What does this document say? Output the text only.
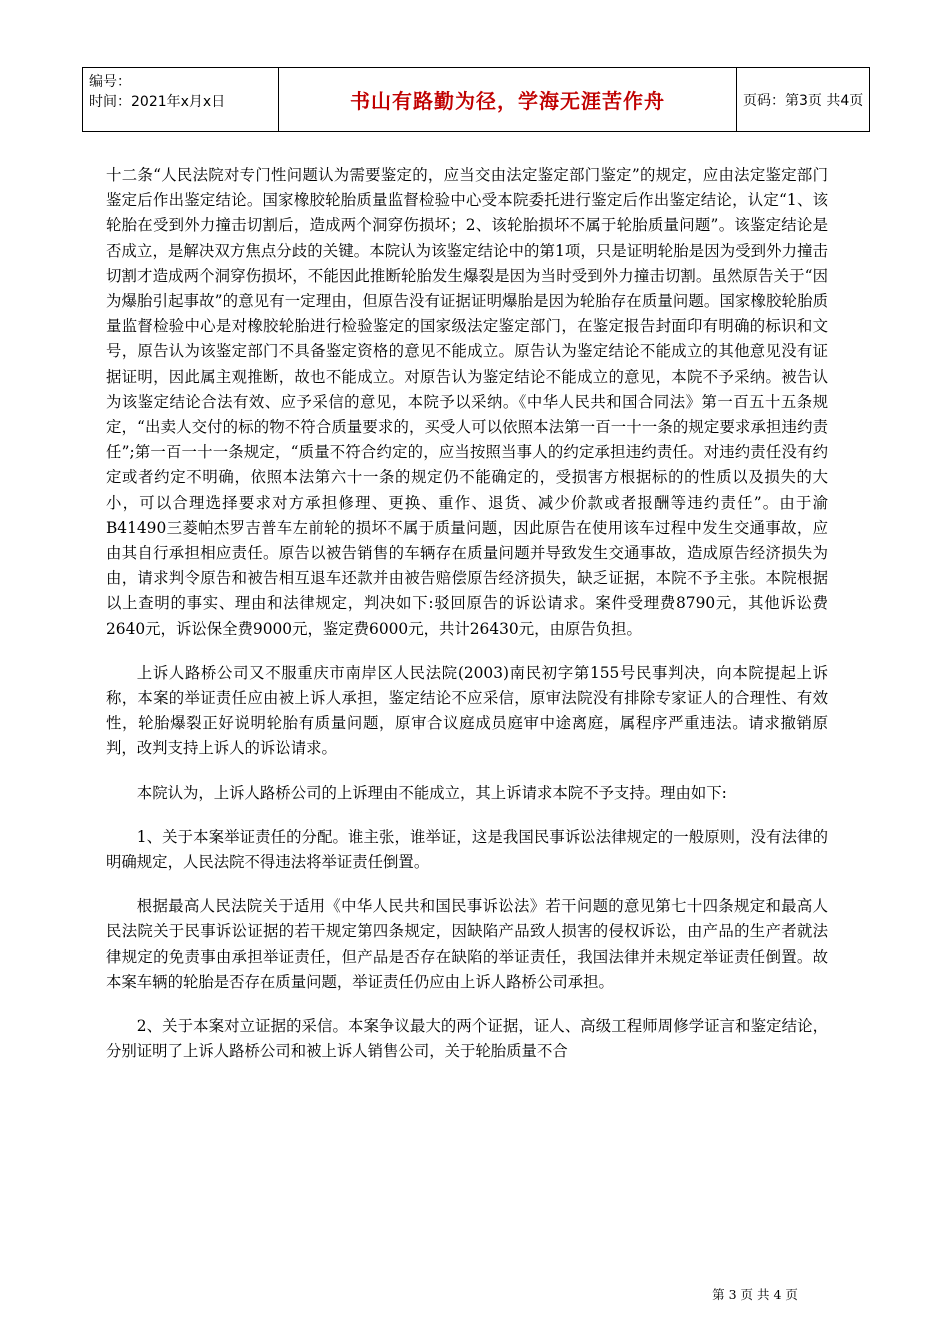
编号：
时间：2021年x月x日	书山有路勤为径，学海无涯苦作舟	页码：第3页 共4页

十二条“人民法院对专门性问题认为需要鉴定的，应当交由法定鉴定部门鉴定”的规定，应由法定鉴定部门鉴定后作出鉴定结论。国家橡胶轮胎质量监督检验中心受本院委托进行鉴定后作出鉴定结论，认定“1、该轮胎在受到外力撞击切割后，造成两个洞穿伤损坏；2、该轮胎损坏不属于轮胎质量问题”。该鉴定结论是否成立，是解决双方焦点分歧的关键。本院认为该鉴定结论中的第1项，只是证明轮胎是因为受到外力撞击切割才造成两个洞穿伤损坏，不能因此推断轮胎发生爆裂是因为当时受到外力撞击切割。虽然原告关于“因为爆胎引起事故”的意见有一定理由，但原告没有证据证明爆胎是因为轮胎存在质量问题。国家橡胶轮胎质量监督检验中心是对橡胶轮胎进行检验鉴定的国家级法定鉴定部门，在鉴定报告封面印有明确的标识和文号，原告认为该鉴定部门不具备鉴定资格的意见不能成立。原告认为鉴定结论不能成立的其他意见没有证据证明，因此属主观推断，故也不能成立。对原告认为鉴定结论不能成立的意见，本院不予采纳。被告认为该鉴定结论合法有效、应予采信的意见，本院予以采纳。《中华人民共和国合同法》第一百五十五条规定，“出卖人交付的标的物不符合质量要求的，买受人可以依照本法第一百一十一条的规定要求承担违约责任”;第一百一十一条规定，“质量不符合约定的，应当按照当事人的约定承担违约责任。对违约责任没有约定或者约定不明确，依照本法第六十一条的规定仍不能确定的，受损害方根据标的的性质以及损失的大小，可以合理选择要求对方承担修理、更换、重作、退货、减少价款或者报酬等违约责任”。由于渝B41490三菱帕杰罗吉普车左前轮的损坏不属于质量问题，因此原告在使用该车过程中发生交通事故，应由其自行承担相应责任。原告以被告销售的车辆存在质量问题并导致发生交通事故，造成原告经济损失为由，请求判令原告和被告相互退车还款并由被告赔偿原告经济损失，缺乏证据，本院不予主张。本院根据以上查明的事实、理由和法律规定，判决如下:驳回原告的诉讼请求。案件受理费8790元，其他诉讼费2640元，诉讼保全费9000元，鉴定费6000元，共计26430元，由原告负担。

上诉人路桥公司又不服重庆市南岸区人民法院(2003)南民初字第155号民事判决，向本院提起上诉称，本案的举证责任应由被上诉人承担，鉴定结论不应采信，原审法院没有排除专家证人的合理性、有效性，轮胎爆裂正好说明轮胎有质量问题，原审合议庭成员庭审中途离庭，属程序严重违法。请求撤销原判，改判支持上诉人的诉讼请求。

本院认为，上诉人路桥公司的上诉理由不能成立，其上诉请求本院不予支持。理由如下:

1、关于本案举证责任的分配。谁主张，谁举证，这是我国民事诉讼法律规定的一般原则，没有法律的明确规定，人民法院不得违法将举证责任倒置。

根据最高人民法院关于适用《中华人民共和国民事诉讼法》若干问题的意见第七十四条规定和最高人民法院关于民事诉讼证据的若干规定第四条规定，因缺陷产品致人损害的侵权诉讼，由产品的生产者就法律规定的免责事由承担举证责任，但产品是否存在缺陷的举证责任，我国法律并未规定举证责任倒置。故本案车辆的轮胎是否存在质量问题，举证责任仍应由上诉人路桥公司承担。

2、关于本案对立证据的采信。本案争议最大的两个证据，证人、高级工程师周修学证言和鉴定结论，分别证明了上诉人路桥公司和被上诉人销售公司，关于轮胎质量不合

第 3 页 共 4 页
